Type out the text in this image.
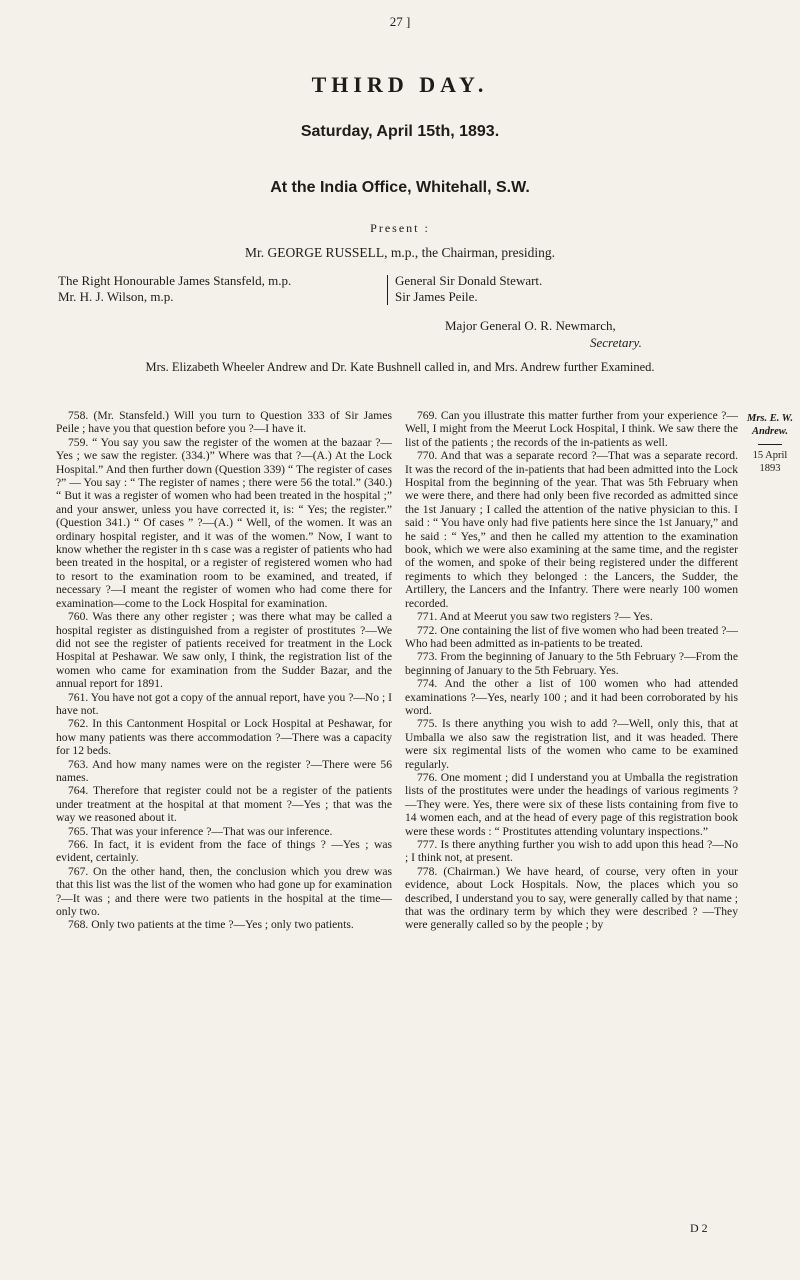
27 ]
THIRD DAY.
Saturday, April 15th, 1893.
At the India Office, Whitehall, S.W.
Present :
Mr. GEORGE RUSSELL, m.p., the Chairman, presiding.
The Right Honourable James Stansfeld, m.p.
Mr. H. J. Wilson, m.p.
General Sir Donald Stewart.
Sir James Peile.
Major General O. R. Newmarch,
Secretary.
Mrs. Elizabeth Wheeler Andrew and Dr. Kate Bushnell called in, and Mrs. Andrew further Examined.

758. (Mr. Stansfeld.) Will you turn to Question 333 of Sir James Peile ; have you that question before you ?—I have it.

759. “ You say you saw the register of the women at the bazaar ?—Yes ; we saw the register. (334.)” Where was that ?—(A.) At the Lock Hospital.” And then further down (Question 339) “ The register of cases ?” — You say : “ The register of names ; there were 56 the total.” (340.) “ But it was a register of women who had been treated in the hospital ;” and your answer, unless you have corrected it, is: “ Yes; the register.” (Question 341.) “ Of cases ” ?—(A.) “ Well, of the women. It was an ordinary hospital register, and it was of the women.” Now, I want to know whether the register in th s case was a register of patients who had been treated in the hospital, or a register of registered women who had to resort to the examination room to be examined, and treated, if necessary ?—I meant the register of women who had come there for examination—come to the Lock Hospital for examination.

760. Was there any other register ; was there what may be called a hospital register as distinguished from a register of prostitutes ?—We did not see the register of patients received for treatment in the Lock Hospital at Peshawar. We saw only, I think, the registration list of the women who came for examination from the Sudder Bazar, and the annual report for 1891.

761. You have not got a copy of the annual report, have you ?—No ; I have not.

762. In this Cantonment Hospital or Lock Hospital at Peshawar, for how many patients was there accommodation ?—There was a capacity for 12 beds.

763. And how many names were on the register ?—There were 56 names.

764. Therefore that register could not be a register of the patients under treatment at the hospital at that moment ?—Yes ; that was the way we reasoned about it.

765. That was your inference ?—That was our inference.

766. In fact, it is evident from the face of things ? —Yes ; was evident, certainly.

767. On the other hand, then, the conclusion which you drew was that this list was the list of the women who had gone up for examination ?—It was ; and there were two patients in the hospital at the time— only two.

768. Only two patients at the time ?—Yes ; only two patients.

769. Can you illustrate this matter further from your experience ?—Well, I might from the Meerut Lock Hospital, I think. We saw there the list of the patients ; the records of the in-patients as well.

770. And that was a separate record ?—That was a separate record. It was the record of the in-patients that had been admitted into the Lock Hospital from the beginning of the year. That was 5th February when we were there, and there had only been five recorded as admitted since the 1st January ; I called the attention of the native physician to this. I said : “ You have only had five patients here since the 1st January,” and he said : “ Yes,” and then he called my attention to the examination book, which we were also examining at the same time, and the register of the women, and spoke of their being registered under the different regiments to which they belonged : the Lancers, the Sudder, the Artillery, the Lancers and the Infantry. There were nearly 100 women recorded.

771. And at Meerut you saw two registers ?— Yes.

772. One containing the list of five women who had been treated ?—Who had been admitted as in-patients to be treated.

773. From the beginning of January to the 5th February ?—From the beginning of January to the 5th February. Yes.

774. And the other a list of 100 women who had attended examinations ?—Yes, nearly 100 ; and it had been corroborated by his word.

775. Is there anything you wish to add ?—Well, only this, that at Umballa we also saw the registration list, and it was headed. There were six regimental lists of the women who came to be examined regularly.

776. One moment ; did I understand you at Umballa the registration lists of the prostitutes were under the headings of various regiments ?—They were. Yes, there were six of these lists containing from five to 14 women each, and at the head of every page of this registration book were these words : “ Prostitutes attending voluntary inspections.”

777. Is there anything further you wish to add upon this head ?—No ; I think not, at present.

778. (Chairman.) We have heard, of course, very often in your evidence, about Lock Hospitals. Now, the places which you so described, I understand you to say, were generally called by that name ; that was the ordinary term by which they were described ? —They were generally called so by the people ; by

Mrs. E. W. Andrew.
15 April 1893
D 2
